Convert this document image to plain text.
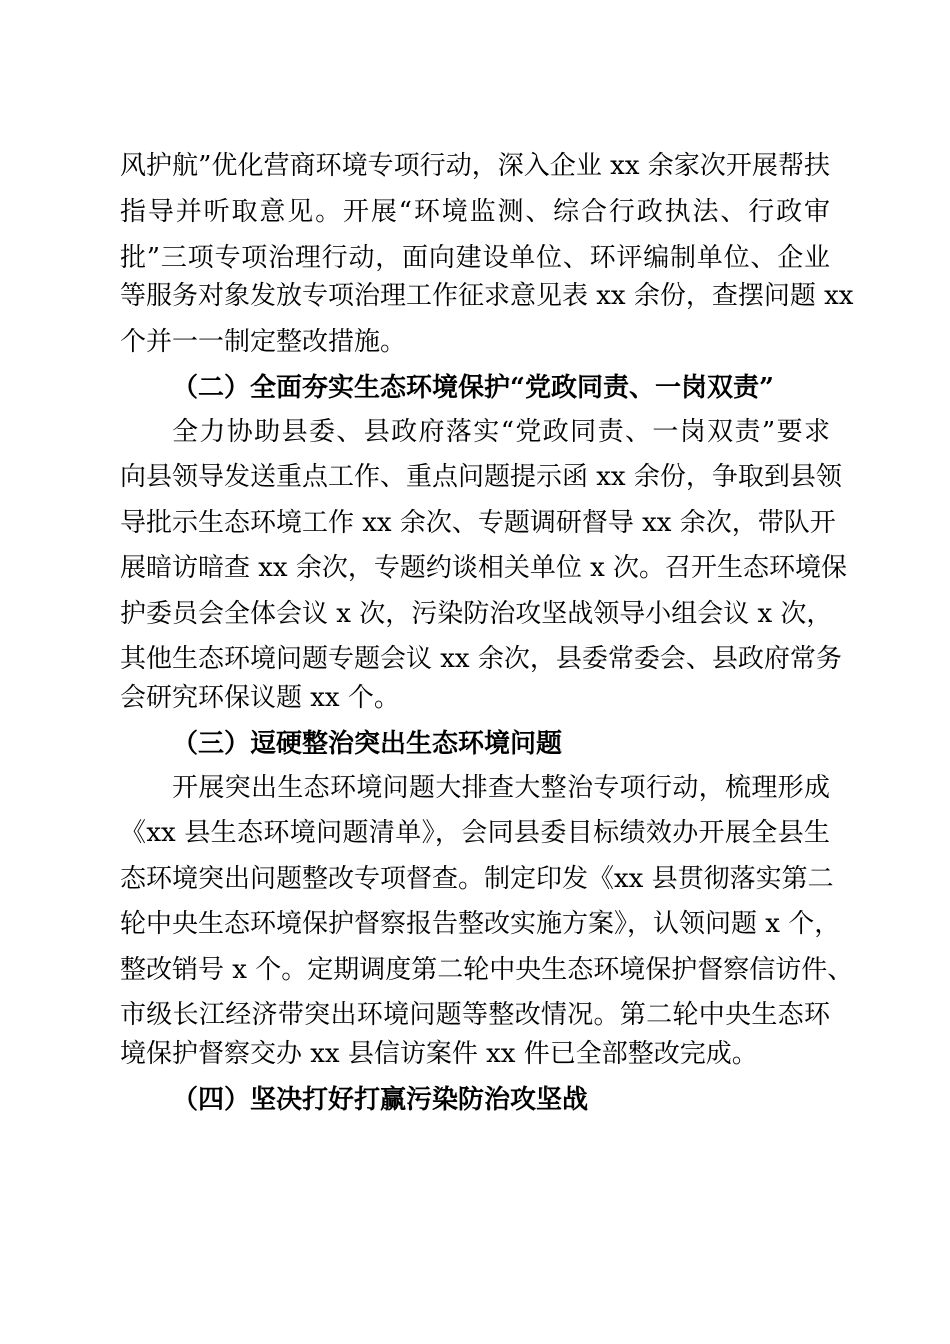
风护航”优化营商环境专项行动，深入企业 xx 余家次开展帮扶
指导并听取意见。开展“环境监测、综合行政执法、行政审
批”三项专项治理行动，面向建设单位、环评编制单位、企业
等服务对象发放专项治理工作征求意见表 xx 余份，查摆问题 xx
个并一一制定整改措施。
（二）全面夯实生态环境保护“党政同责、一岗双责”
全力协助县委、县政府落实“党政同责、一岗双责”要求
向县领导发送重点工作、重点问题提示函 xx 余份，争取到县领
导批示生态环境工作 xx 余次、专题调研督导 xx 余次，带队开
展暗访暗查 xx 余次，专题约谈相关单位 x 次。召开生态环境保
护委员会全体会议 x 次，污染防治攻坚战领导小组会议 x 次，
其他生态环境问题专题会议 xx 余次，县委常委会、县政府常务
会研究环保议题 xx 个。
（三）逗硬整治突出生态环境问题
开展突出生态环境问题大排查大整治专项行动，梳理形成
《xx 县生态环境问题清单》，会同县委目标绩效办开展全县生
态环境突出问题整改专项督查。制定印发《xx 县贯彻落实第二
轮中央生态环境保护督察报告整改实施方案》，认领问题 x 个，
整改销号 x 个。定期调度第二轮中央生态环境保护督察信访件、
市级长江经济带突出环境问题等整改情况。第二轮中央生态环
境保护督察交办 xx 县信访案件 xx 件已全部整改完成。
（四）坚决打好打赢污染防治攻坚战
